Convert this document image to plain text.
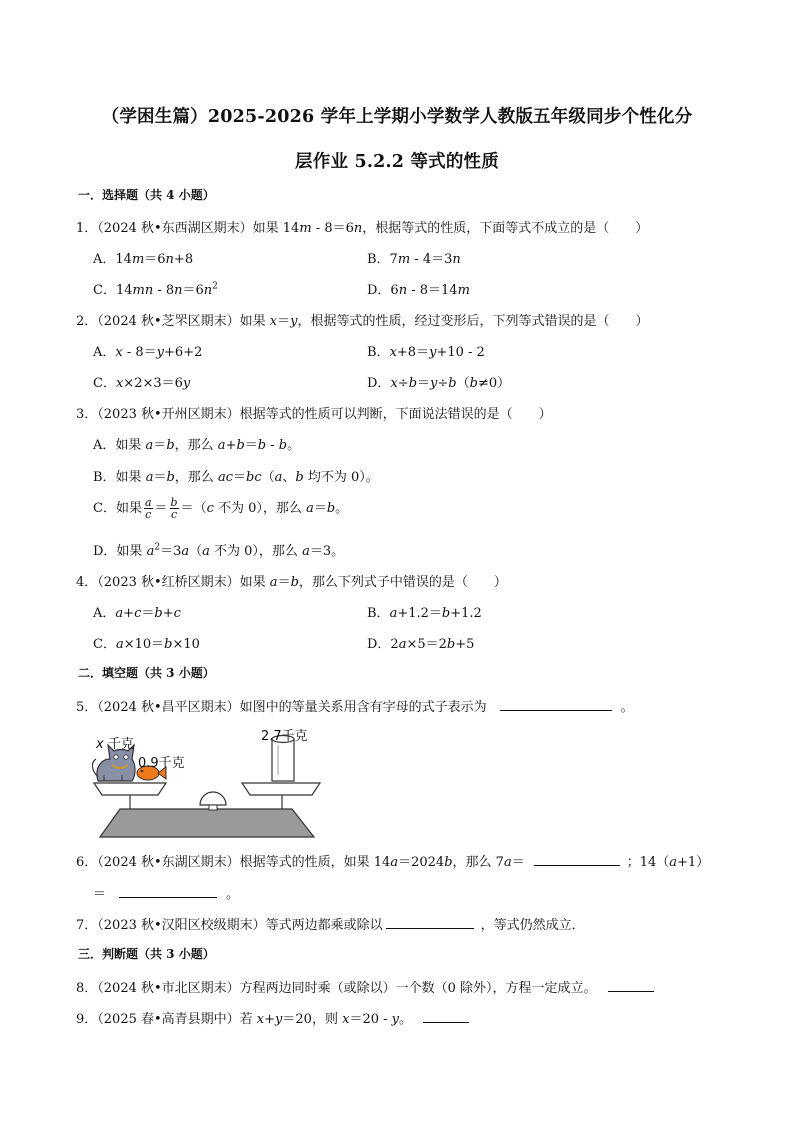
（学困生篇）2025-2026 学年上学期小学数学人教版五年级同步个性化分
层作业 5.2.2 等式的性质
一．选择题（共 4 小题）
1．（2024 秋•东西湖区期末）如果 14m - 8＝6n，根据等式的性质，下面等式不成立的是（　　）
A．14m＝6n+8	B．7m - 4＝3n
C．$14mn - 8n=6n^2$	D．6n - 8＝14m
2．（2024 秋•芝罘区期末）如果 x＝y，根据等式的性质，经过变形后，下列等式错误的是（　　）
A．x - 8＝y+6+2	B．x+8＝y+10 - 2
C．x×2×3＝6y	D．x÷b＝y÷b（b≠0）
3．（2023 秋•开州区期末）根据等式的性质可以判断，下面说法错误的是（　　）
A．如果 a＝b，那么 a+b＝b - b。
B．如果 a＝b，那么 ac＝bc（a、b 均不为 0）。
C．如果 $\frac{a}{c} = \frac{b}{c} =(c$ 不为 0），那么 a＝b。
D．如果 $a^2=3a(a$ 不为 0），那么 a＝3。
4．（2023 秋•红桥区期末）如果 a＝b，那么下列式子中错误的是（　　）
A．a+c＝b+c	B．a+1.2＝b+1.2
C．a×10＝b×10	D．2a×5＝2b+5
二．填空题（共 3 小题）
5．（2024 秋•昌平区期末）如图中的等量关系用含有字母的式子表示为	。
x 千克
0.9千克
2.7千克
6．（2024 秋•东湖区期末）根据等式的性质，如果 14a＝2024b，那么 7a＝	；14（a+1）
＝	。
7．（2023 秋•汉阳区校级期末）等式两边都乘或除以	，等式仍然成立．
三．判断题（共 3 小题）
8．（2024 秋•市北区期末）方程两边同时乘（或除以）一个数（0 除外），方程一定成立。
9．（2025 春•高青县期中）若 x+y＝20，则 x＝20 - y。
